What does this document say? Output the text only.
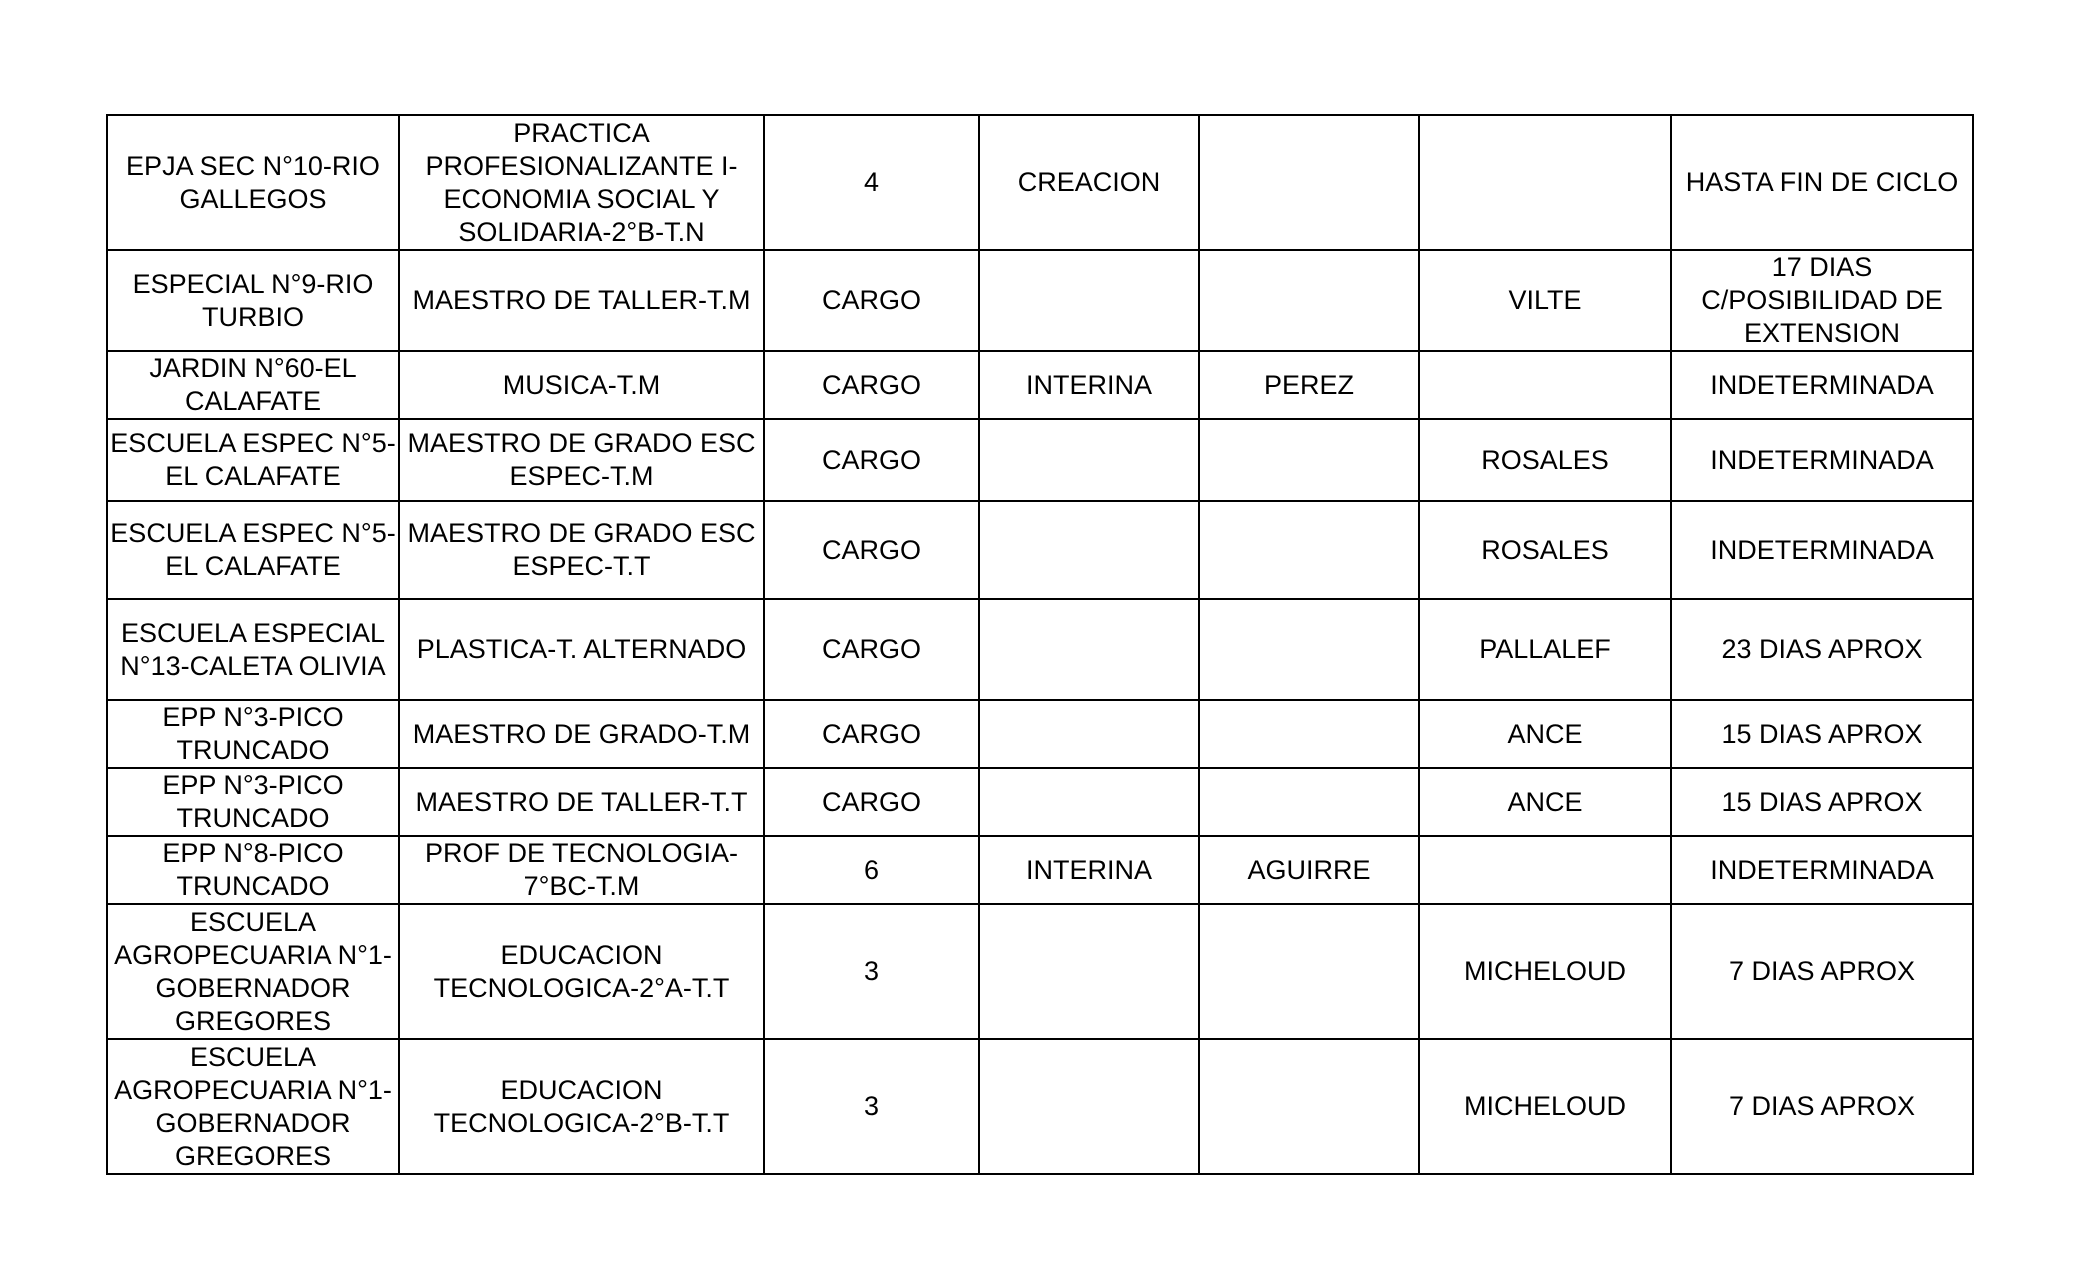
EPJA SEC N°10-RIO GALLEGOS	PRACTICA PROFESIONALIZANTE I-ECONOMIA SOCIAL Y SOLIDARIA-2°B-T.N	4	CREACION			HASTA FIN DE CICLO
ESPECIAL N°9-RIO TURBIO	MAESTRO DE TALLER-T.M	CARGO			VILTE	17 DIAS C/POSIBILIDAD DE EXTENSION
JARDIN N°60-EL CALAFATE	MUSICA-T.M	CARGO	INTERINA	PEREZ		INDETERMINADA
ESCUELA ESPEC N°5-EL CALAFATE	MAESTRO DE GRADO ESC ESPEC-T.M	CARGO			ROSALES	INDETERMINADA
ESCUELA ESPEC N°5-EL CALAFATE	MAESTRO DE GRADO ESC ESPEC-T.T	CARGO			ROSALES	INDETERMINADA
ESCUELA ESPECIAL N°13-CALETA OLIVIA	PLASTICA-T. ALTERNADO	CARGO			PALLALEF	23 DIAS APROX
EPP N°3-PICO TRUNCADO	MAESTRO DE GRADO-T.M	CARGO			ANCE	15 DIAS APROX
EPP N°3-PICO TRUNCADO	MAESTRO DE TALLER-T.T	CARGO			ANCE	15 DIAS APROX
EPP N°8-PICO TRUNCADO	PROF DE TECNOLOGIA-7°BC-T.M	6	INTERINA	AGUIRRE		INDETERMINADA
ESCUELA AGROPECUARIA N°1-GOBERNADOR GREGORES	EDUCACION TECNOLOGICA-2°A-T.T	3			MICHELOUD	7 DIAS APROX
ESCUELA AGROPECUARIA N°1-GOBERNADOR GREGORES	EDUCACION TECNOLOGICA-2°B-T.T	3			MICHELOUD	7 DIAS APROX
